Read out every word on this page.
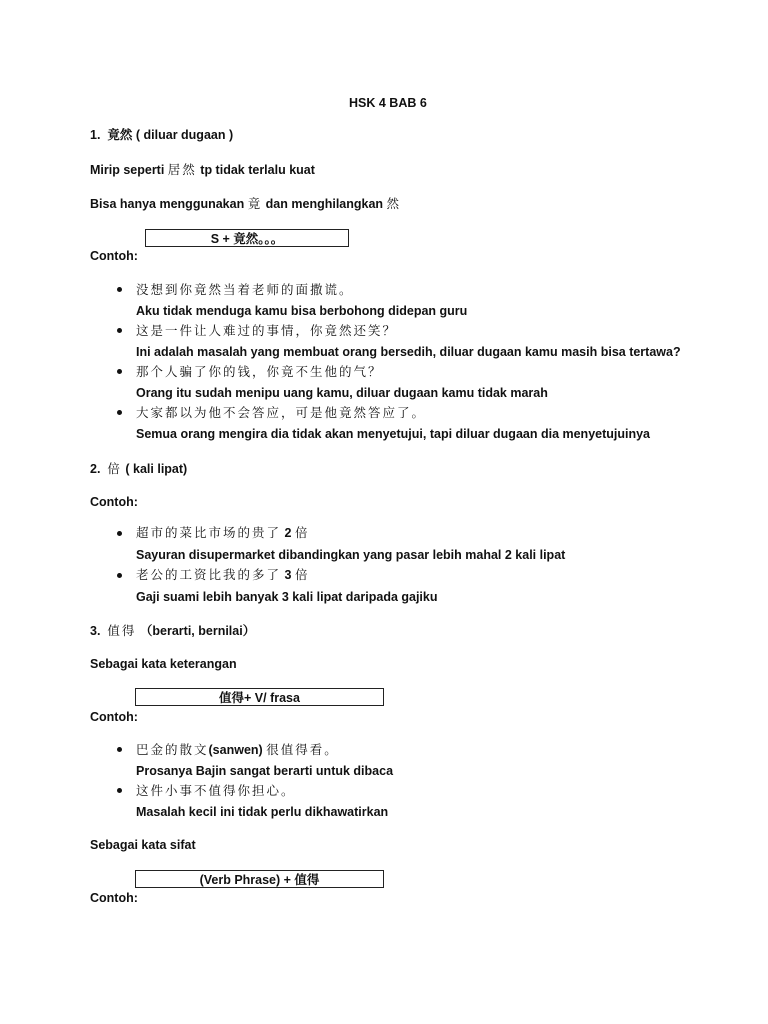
HSK 4 BAB 6
1. 竟然 ( diluar dugaan )
Mirip seperti 居然 tp tidak terlalu kuat
Bisa hanya menggunakan 竟 dan menghilangkan 然
S + 竟然。。。
Contoh:
没想到你竟然当着老师的面撒谎。
Aku tidak menduga kamu bisa berbohong didepan guru
这是一件让人难过的事情，你竟然还笑？
Ini adalah masalah yang membuat orang bersedih, diluar dugaan kamu masih bisa tertawa?
那个人骗了你的钱，你竟不生他的气？
Orang itu sudah menipu uang kamu, diluar dugaan kamu tidak marah
大家都以为他不会答应，可是他竟然答应了。
Semua orang mengira dia tidak akan menyetujui, tapi diluar dugaan dia menyetujuinya
2. 倍 ( kali lipat)
Contoh:
超市的菜比市场的贵了 2 倍
Sayuran disupermarket dibandingkan yang pasar lebih mahal 2 kali lipat
老公的工资比我的多了 3 倍
Gaji suami lebih banyak 3 kali lipat daripada gajiku
3. 值得 （berarti, bernilai）
Sebagai kata keterangan
值得+ V/ frasa
Contoh:
巴金的散文(sanwen) 很值得看。
Prosanya Bajin sangat berarti untuk dibaca
这件小事不值得你担心。
Masalah kecil ini tidak perlu dikhawatirkan
Sebagai kata sifat
(Verb Phrase) + 值得
Contoh:
